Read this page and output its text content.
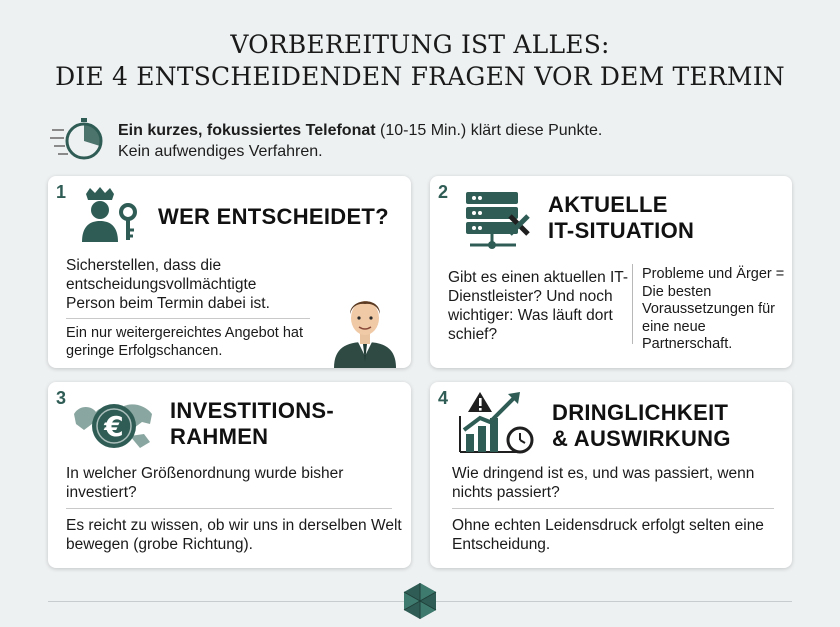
VORBEREITUNG IST ALLES:
DIE 4 ENTSCHEIDENDEN FRAGEN VOR DEM TERMIN
Ein kurzes, fokussiertes Telefonat (10-15 Min.) klärt diese Punkte.
Kein aufwendiges Verfahren.
1
WER ENTSCHEIDET?
Sicherstellen, dass die entscheidungsvollmächtigte Person beim Termin dabei ist.
Ein nur weitergereichtes Angebot hat geringe Erfolgschancen.
2	AKTUELLE
IT-SITUATION
Gibt es einen aktuellen IT-Dienstleister? Und noch wichtiger: Was läuft dort schief?
Probleme und Ärger = Die besten Voraussetzungen für eine neue Partnerschaft.
3
€ INVESTITIONS-
RAHMEN
In welcher Größenordnung wurde bisher investiert?
Es reicht zu wissen, ob wir uns in derselben Welt bewegen (grobe Richtung).
4
DRINGLICHKEIT
& AUSWIRKUNG
Wie dringend ist es, und was passiert, wenn nichts passiert?
Ohne echten Leidensdruck erfolgt selten eine Entscheidung.
